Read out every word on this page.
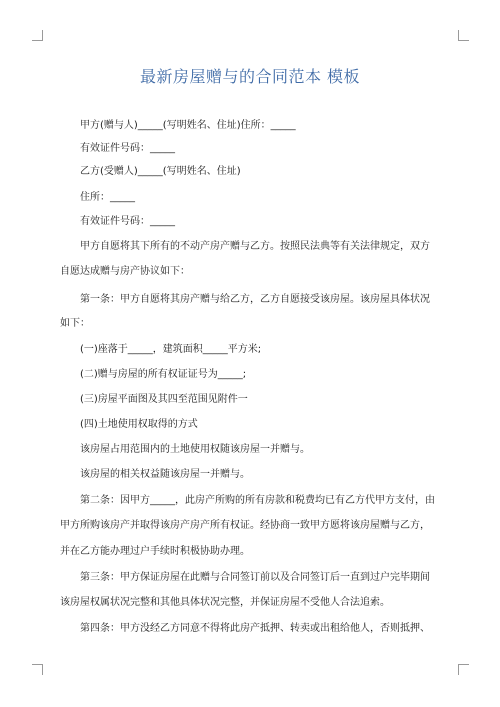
最新房屋赠与的合同范本 模板
甲方(赠与人)_____(写明姓名、住址)住所：_____
有效证件号码：_____
乙方(受赠人)_____(写明姓名、住址)
住所：_____
有效证件号码：_____
甲方自愿将其下所有的不动产房产赠与乙方。按照民法典等有关法律规定，双方
自愿达成赠与房产协议如下：
第一条：甲方自愿将其房产赠与给乙方，乙方自愿接受该房屋。该房屋具体状况
如下：
(一)座落于_____，建筑面积_____平方米;
(二)赠与房屋的所有权证证号为_____;
(三)房屋平面图及其四至范围见附件一
(四)土地使用权取得的方式
该房屋占用范围内的土地使用权随该房屋一并赠与。
该房屋的相关权益随该房屋一并赠与。
第二条：因甲方_____，此房产所购的所有房款和税费均已有乙方代甲方支付，由
甲方所购该房产并取得该房产房产所有权证。经协商一致甲方愿将该房屋赠与乙方，
并在乙方能办理过户手续时积极协助办理。
第三条：甲方保证房屋在此赠与合同签订前以及合同签订后一直到过户完毕期间
该房屋权属状况完整和其他具体状况完整，并保证房屋不受他人合法追索。
第四条：甲方没经乙方同意不得将此房产抵押、转卖或出租给他人，否则抵押、
